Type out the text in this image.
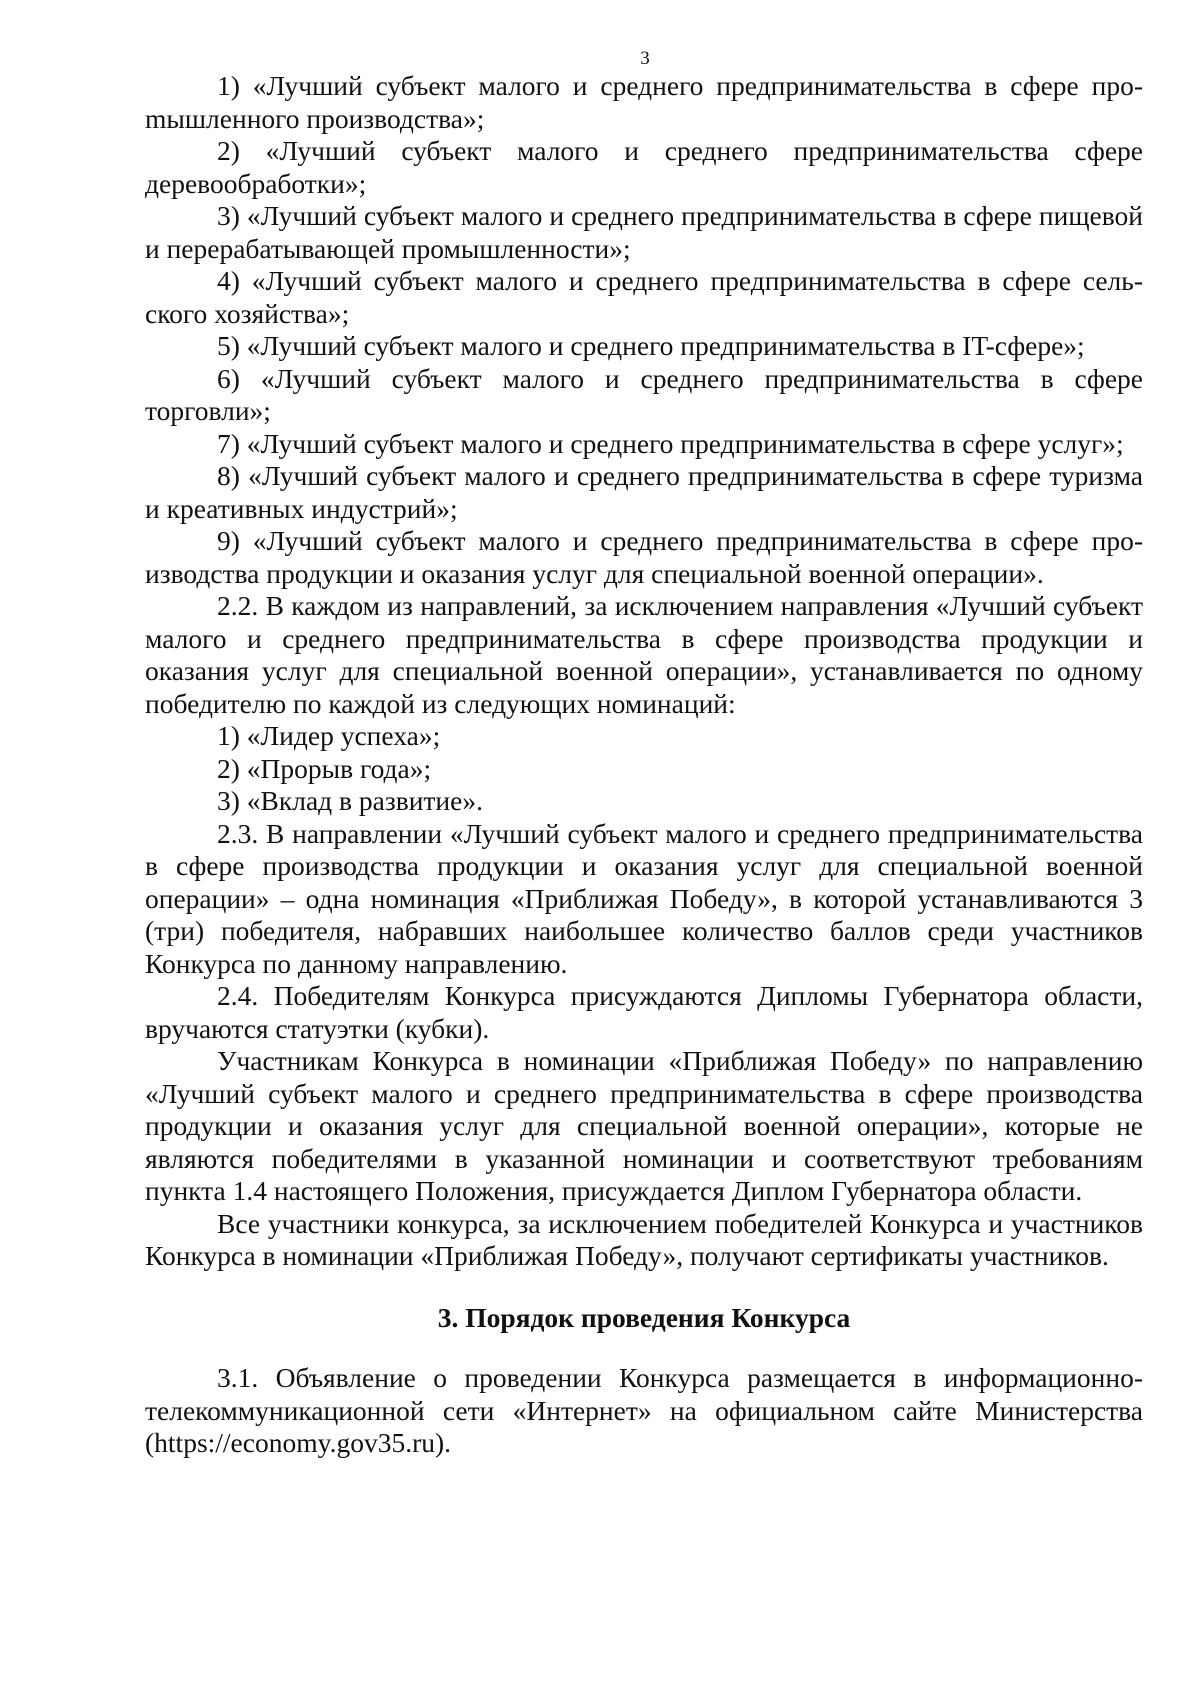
3

1) «Лучший субъект малого и среднего предпринимательства в сфере проmышленного производства»;

2) «Лучший субъект малого и среднего предпринимательства сфере деревообработки»;

3) «Лучший субъект малого и среднего предпринимательства в сфере пищевой и перерабатывающей промышленности»;

4) «Лучший субъект малого и среднего предпринимательства в сфере сельского хозяйства»;

5) «Лучший субъект малого и среднего предпринимательства в IT-сфере»;

6) «Лучший субъект малого и среднего предпринимательства в сфере торговли»;

7) «Лучший субъект малого и среднего предпринимательства в сфере услуг»;

8) «Лучший субъект малого и среднего предпринимательства в сфере туризма и креативных индустрий»;

9) «Лучший субъект малого и среднего предпринимательства в сфере производства продукции и оказания услуг для специальной военной операции».

2.2. В каждом из направлений, за исключением направления «Лучший субъект малого и среднего предпринимательства в сфере производства продукции и оказания услуг для специальной военной операции», устанавливается по одному победителю по каждой из следующих номинаций:

1) «Лидер успеха»;

2) «Прорыв года»;

3) «Вклад в развитие».

2.3. В направлении «Лучший субъект малого и среднего предпринимательства в сфере производства продукции и оказания услуг для специальной военной операции» – одна номинация «Приближая Победу», в которой устанавливаются 3 (три) победителя, набравших наибольшее количество баллов среди участников Конкурса по данному направлению.

2.4. Победителям Конкурса присуждаются Дипломы Губернатора области, вручаются статуэтки (кубки).

Участникам Конкурса в номинации «Приближая Победу» по направлению «Лучший субъект малого и среднего предпринимательства в сфере производства продукции и оказания услуг для специальной военной операции», которые не являются победителями в указанной номинации и соответствуют требованиям пункта 1.4 настоящего Положения, присуждается Диплом Губернатора области.

Все участники конкурса, за исключением победителей Конкурса и участников Конкурса в номинации «Приближая Победу», получают сертификаты участников.

3. Порядок проведения Конкурса

3.1. Объявление о проведении Конкурса размещается в информационно-телекоммуникационной сети «Интернет» на официальном сайте Министерства (https://economy.gov35.ru).
